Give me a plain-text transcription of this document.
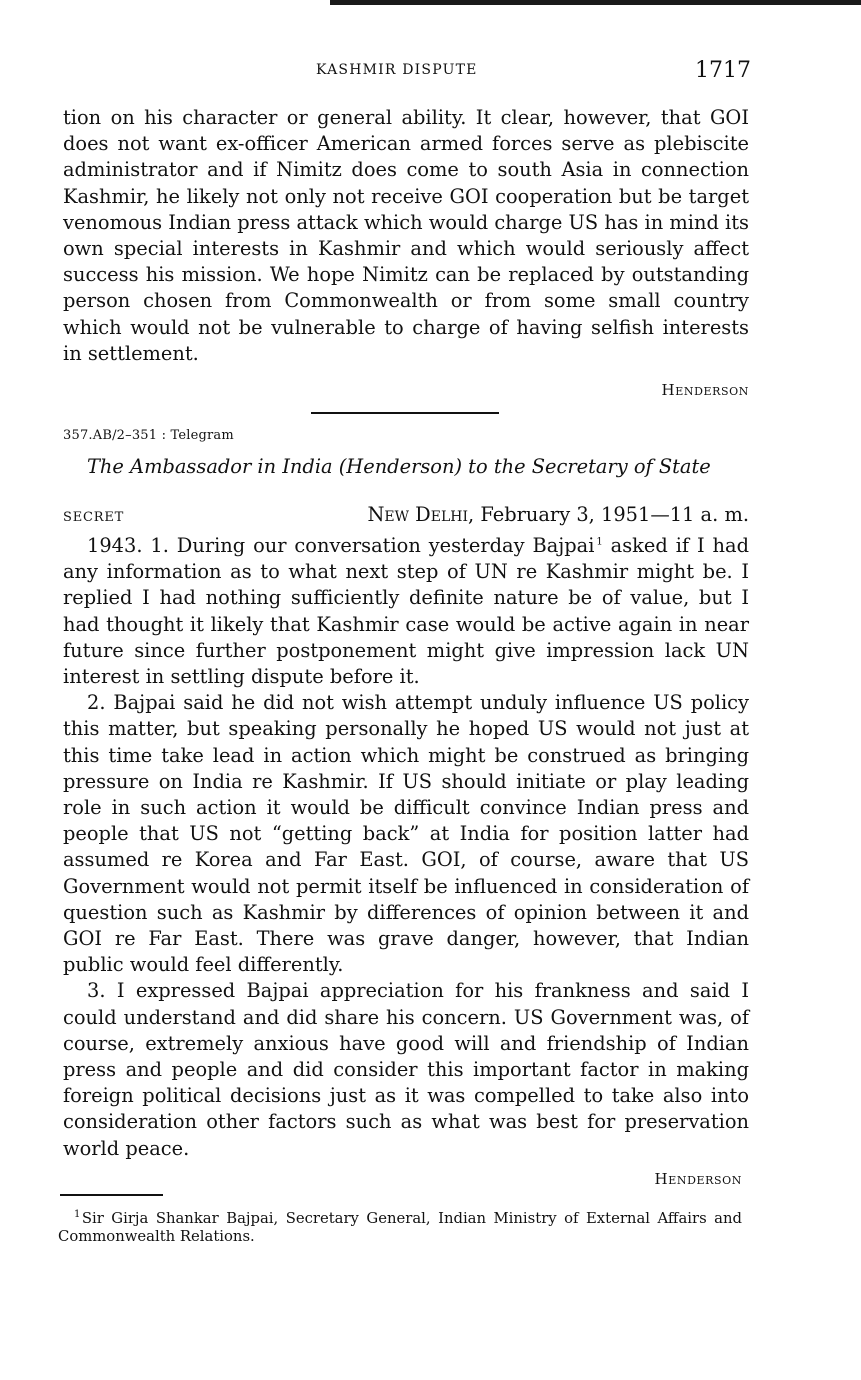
KASHMIR DISPUTE	1717

tion on his character or general ability. It clear, however, that GOI does not want ex-officer American armed forces serve as plebiscite administrator and if Nimitz does come to south Asia in connection Kashmir, he likely not only not receive GOI cooperation but be target venomous Indian press attack which would charge US has in mind its own special interests in Kashmir and which would seriously affect success his mission. We hope Nimitz can be replaced by outstanding person chosen from Commonwealth or from some small country which would not be vulnerable to charge of having selfish interests in settlement.

Henderson
357.AB/2–351 : Telegram
The Ambassador in India (Henderson) to the Secretary of State
SECRET	New Delhi, February 3, 1951—11 a. m.

1943. 1. During our conversation yesterday Bajpai  $^1$ asked if I had any information as to what next step of UN re Kashmir might be. I replied I had nothing sufficiently definite nature be of value, but I had thought it likely that Kashmir case would be active again in near future since further postponement might give impression lack UN interest in settling dispute before it.

2. Bajpai said he did not wish attempt unduly influence US policy this matter, but speaking personally he hoped US would not just at this time take lead in action which might be construed as bringing pressure on India re Kashmir. If US should initiate or play leading role in such action it would be difficult convince Indian press and people that US not “getting back” at India for position latter had assumed re Korea and Far East. GOI, of course, aware that US Government would not permit itself be influenced in consideration of question such as Kashmir by differences of opinion between it and GOI re Far East. There was grave danger, however, that Indian public would feel differently.

3. I expressed Bajpai appreciation for his frankness and said I could understand and did share his concern. US Government was, of course, extremely anxious have good will and friendship of Indian press and people and did consider this important factor in making foreign political decisions just as it was compelled to take also into consideration other factors such as what was best for preservation world peace.

Henderson
$^1$ Sir Girja Shankar Bajpai, Secretary General, Indian Ministry of External Affairs and Commonwealth Relations.
